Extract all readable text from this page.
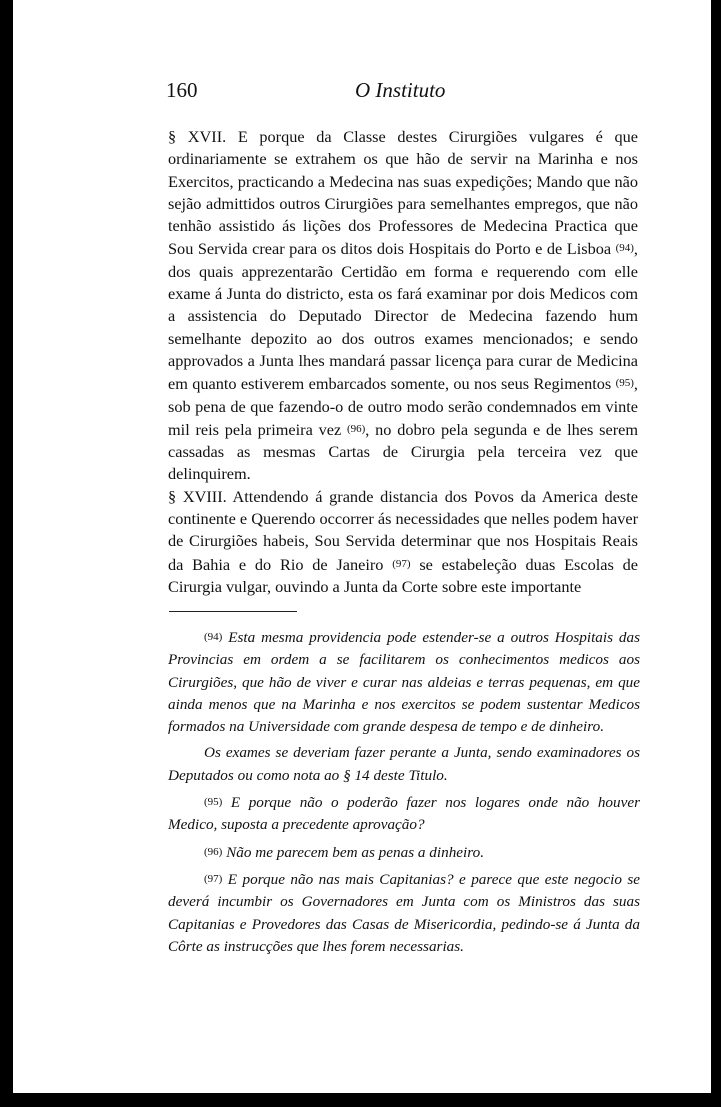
160	O Instituto

§ XVII. E porque da Classe destes Cirurgiões vulgares é que ordinariamente se extrahem os que hão de servir na Marinha e nos Exercitos, practicando a Medecina nas suas expedições; Mando que não sejão admittidos outros Cirurgiões para semelhantes empregos, que não tenhão assistido ás lições dos Professores de Medecina Practica que Sou Servida crear para os ditos dois Hospitais do Porto e de Lisboa (94), dos quais apprezentarão Certidão em forma e requerendo com elle exame á Junta do districto, esta os fará examinar por dois Medicos com a assistencia do Deputado Director de Medecina fazendo hum semelhante depozito ao dos outros exames mencionados; e sendo approvados a Junta lhes mandará passar licença para curar de Medicina em quanto estiverem embarcados somente, ou nos seus Regimentos (95), sob pena de que fazendo-o de outro modo serão condemnados em vinte mil reis pela primeira vez (96), no dobro pela segunda e de lhes serem cassadas as mesmas Cartas de Cirurgia pela terceira vez que delinquirem.

§ XVIII. Attendendo á grande distancia dos Povos da America deste continente e Querendo occorrer ás necessidades que nelles podem haver de Cirurgiões habeis, Sou Servida determinar que nos Hospitais Reais da Bahia e do Rio de Janeiro (97) se estabeleção duas Escolas de Cirurgia vulgar, ouvindo a Junta da Corte sobre este importante

(94) Esta mesma providencia pode estender-se a outros Hospitais das Provincias em ordem a se facilitarem os conhecimentos medicos aos Cirurgiões, que hão de viver e curar nas aldeias e terras pequenas, em que ainda menos que na Marinha e nos exercitos se podem sustentar Medicos formados na Universidade com grande despesa de tempo e de dinheiro.

Os exames se deveriam fazer perante a Junta, sendo examinadores os Deputados ou como nota ao § 14 deste Titulo.

(95) E porque não o poderão fazer nos logares onde não houver Medico, suposta a precedente aprovação?

(96) Não me parecem bem as penas a dinheiro.

(97) E porque não nas mais Capitanias? e parece que este negocio se deverá incumbir os Governadores em Junta com os Ministros das suas Capitanias e Provedores das Casas de Misericordia, pedindo-se á Junta da Côrte as instrucções que lhes forem necessarias.
